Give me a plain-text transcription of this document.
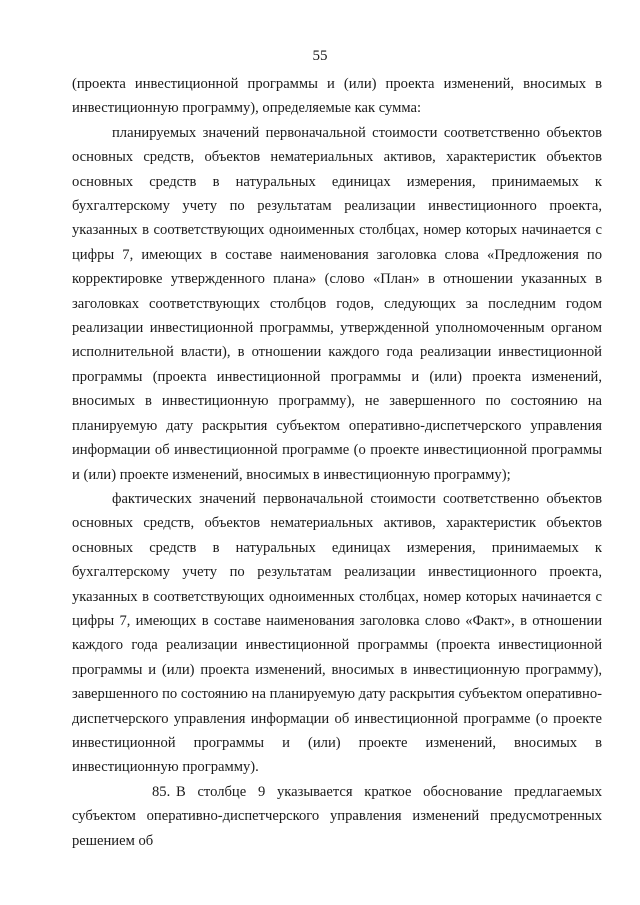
55

(проекта инвестиционной программы и (или) проекта изменений, вносимых в инвестиционную программу), определяемые как сумма:

планируемых значений первоначальной стоимости соответственно объектов основных средств, объектов нематериальных активов, характеристик объектов основных средств в натуральных единицах измерения, принимаемых к бухгалтерскому учету по результатам реализации инвестиционного проекта, указанных в соответствующих одноименных столбцах, номер которых начинается с цифры 7, имеющих в составе наименования заголовка слова «Предложения по корректировке утвержденного плана» (слово «План» в отношении указанных в заголовках соответствующих столбцов годов, следующих за последним годом реализации инвестиционной программы, утвержденной уполномоченным органом исполнительной власти), в отношении каждого года реализации инвестиционной программы (проекта инвестиционной программы и (или) проекта изменений, вносимых в инвестиционную программу), не завершенного по состоянию на планируемую дату раскрытия субъектом оперативно-диспетчерского управления информации об инвестиционной программе (о проекте инвестиционной программы и (или) проекте изменений, вносимых в инвестиционную программу);

фактических значений первоначальной стоимости соответственно объектов основных средств, объектов нематериальных активов, характеристик объектов основных средств в натуральных единицах измерения, принимаемых к бухгалтерскому учету по результатам реализации инвестиционного проекта, указанных в соответствующих одноименных столбцах, номер которых начинается с цифры 7, имеющих в составе наименования заголовка слово «Факт», в отношении каждого года реализации инвестиционной программы (проекта инвестиционной программы и (или) проекта изменений, вносимых в инвестиционную программу), завершенного по состоянию на планируемую дату раскрытия субъектом оперативно-диспетчерского управления информации об инвестиционной программе (о проекте инвестиционной программы и (или) проекте изменений, вносимых в инвестиционную программу).

85. В столбце 9 указывается краткое обоснование предлагаемых субъектом оперативно-диспетчерского управления изменений предусмотренных решением об
